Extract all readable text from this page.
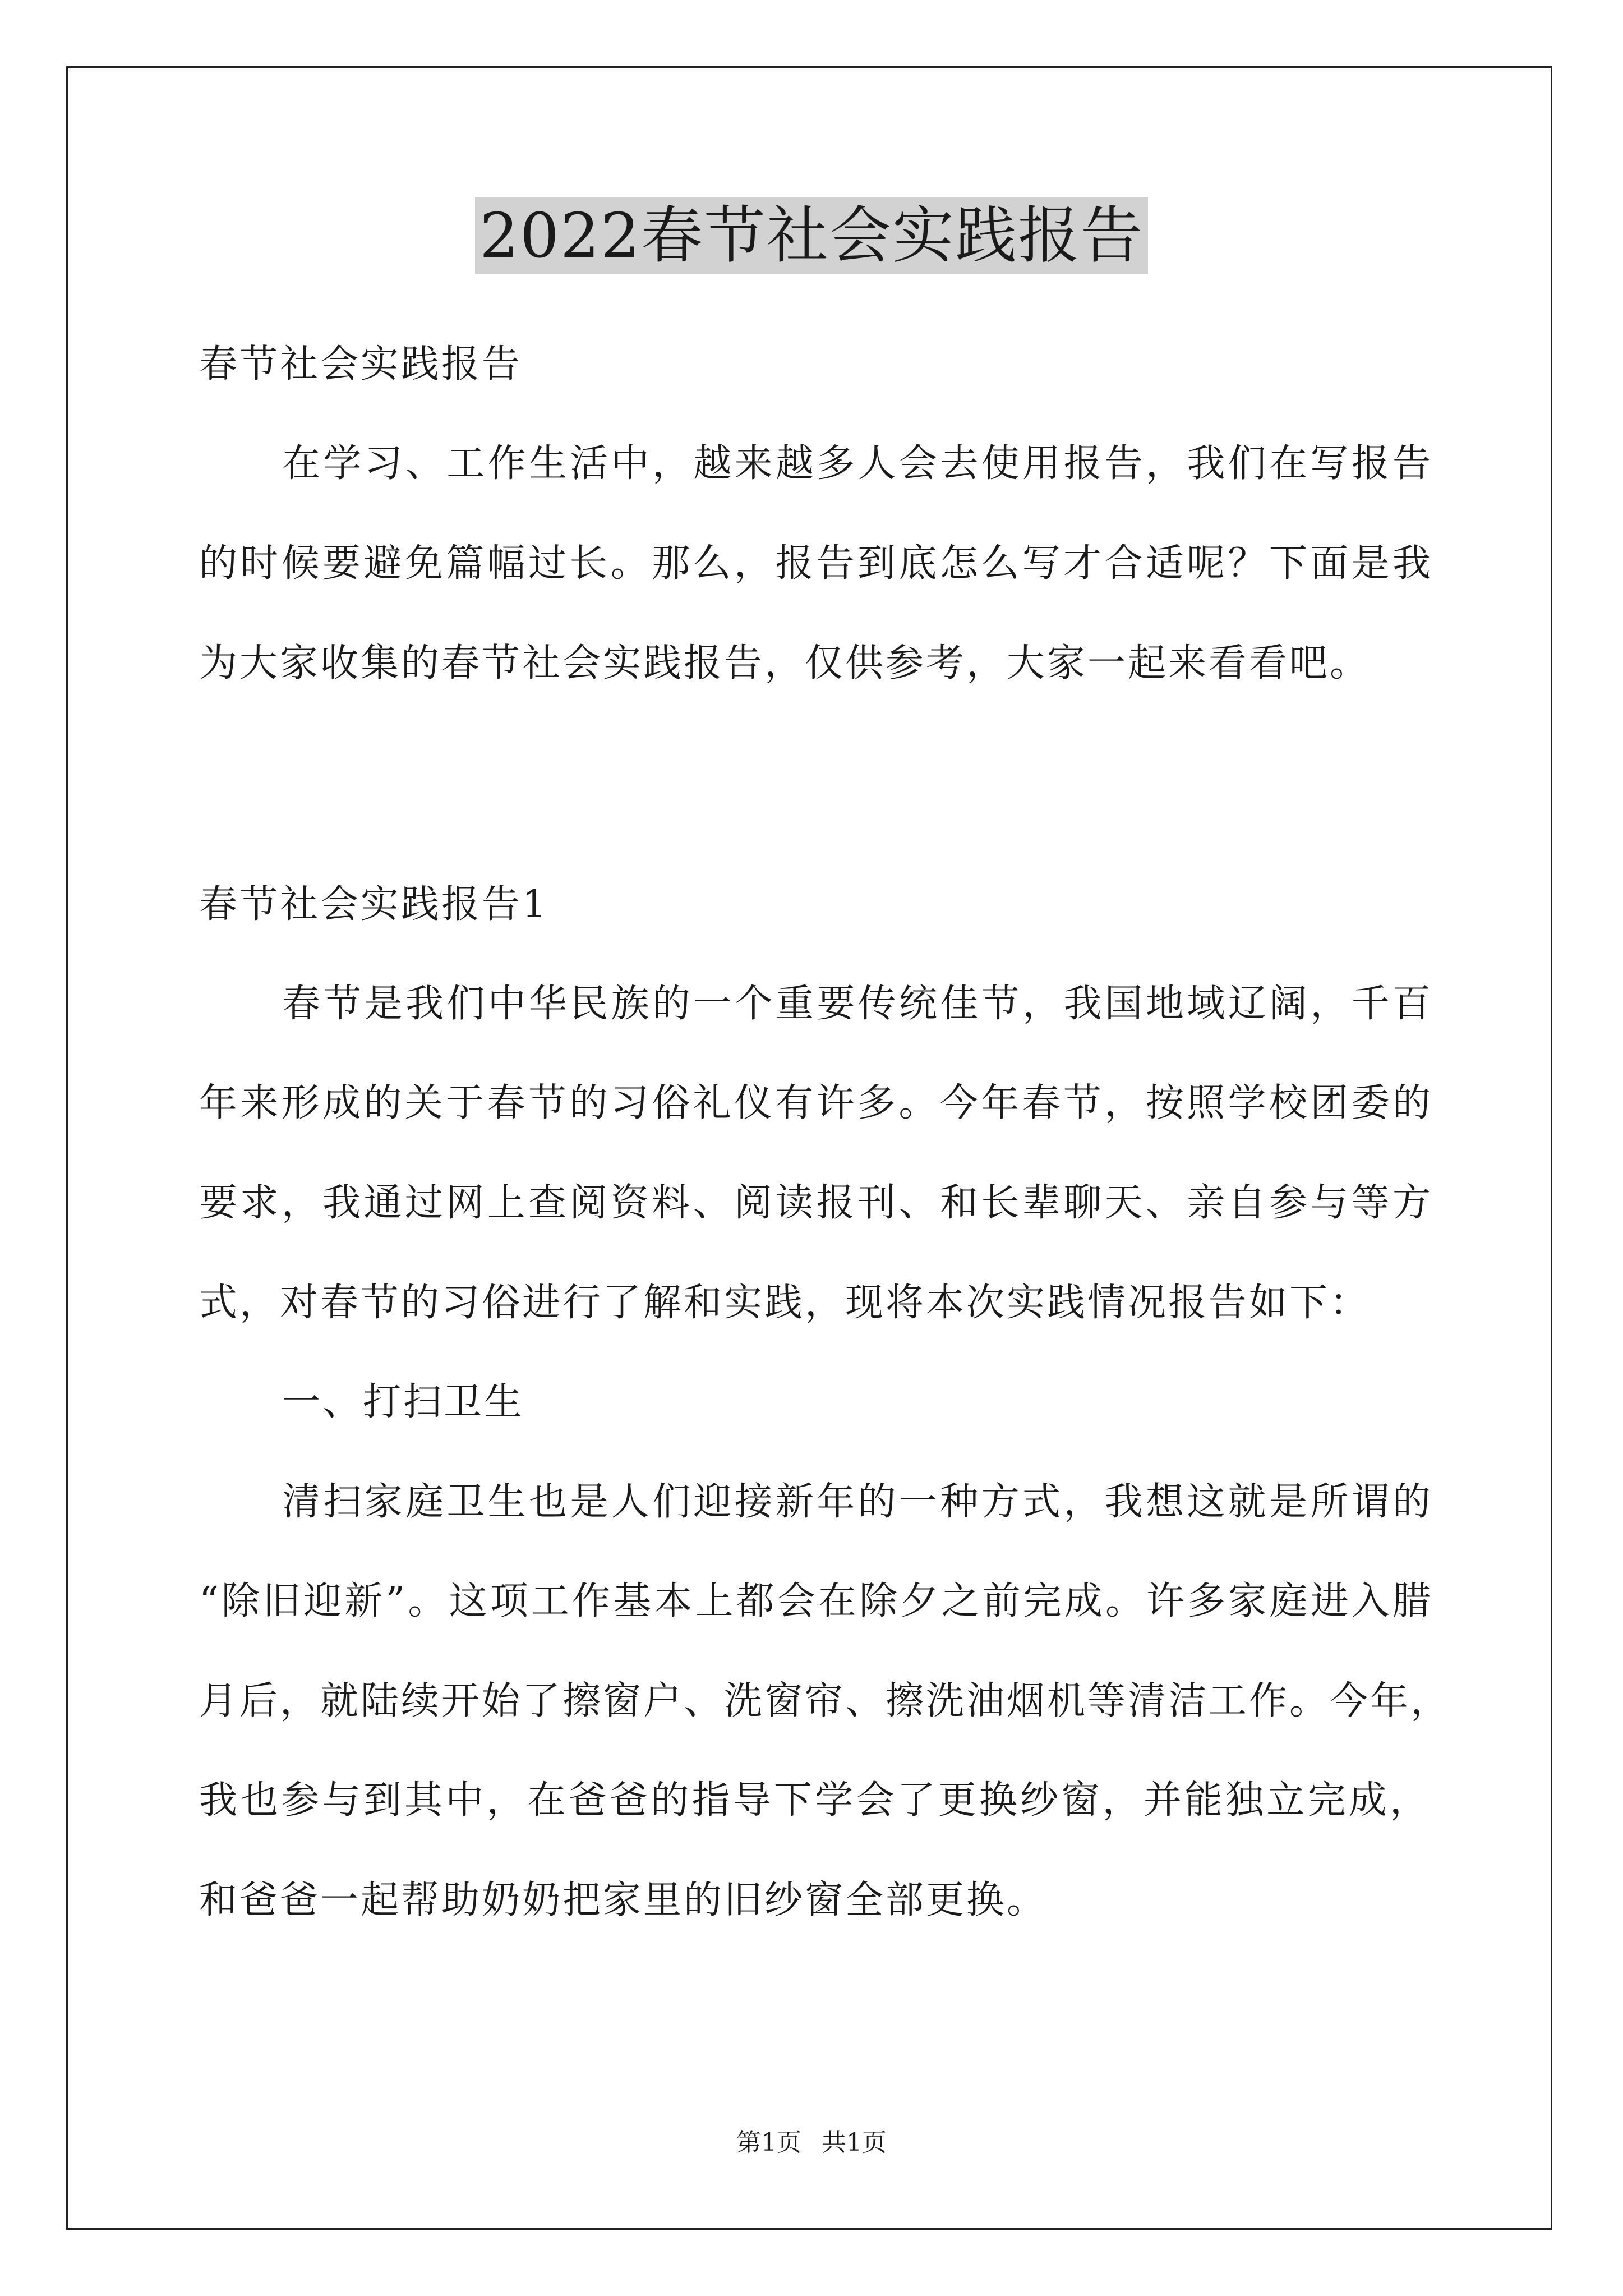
2022春节社会实践报告
春节社会实践报告
在学习、工作生活中，越来越多人会去使用报告，我们在写报告
的时候要避免篇幅过长。那么，报告到底怎么写才合适呢？下面是我
为大家收集的春节社会实践报告，仅供参考，大家一起来看看吧。
春节社会实践报告1
春节是我们中华民族的一个重要传统佳节，我国地域辽阔，千百
年来形成的关于春节的习俗礼仪有许多。今年春节，按照学校团委的
要求，我通过网上查阅资料、阅读报刊、和长辈聊天、亲自参与等方
式，对春节的习俗进行了解和实践，现将本次实践情况报告如下：
一、打扫卫生
清扫家庭卫生也是人们迎接新年的一种方式，我想这就是所谓的
“除旧迎新”。这项工作基本上都会在除夕之前完成。许多家庭进入腊
月后，就陆续开始了擦窗户、洗窗帘、擦洗油烟机等清洁工作。今年，
我也参与到其中，在爸爸的指导下学会了更换纱窗，并能独立完成，
和爸爸一起帮助奶奶把家里的旧纱窗全部更换。
第1页 共1页
